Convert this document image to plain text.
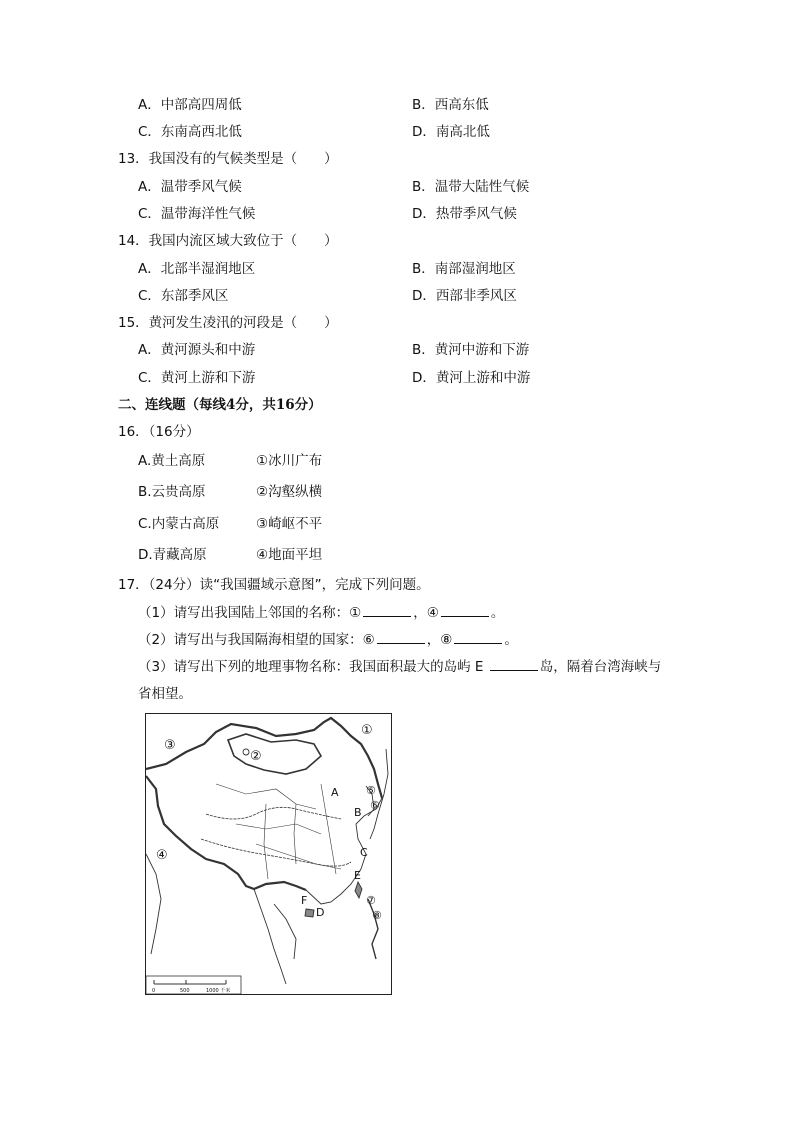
A．中部高四周低	B．西高东低
C．东南高西北低	D．南高北低
13．我国没有的气候类型是（　　）
A．温带季风气候	B．温带大陆性气候
C．温带海洋性气候	D．热带季风气候
14．我国内流区域大致位于（　　）
A．北部半湿润地区	B．南部湿润地区
C．东部季风区	D．西部非季风区
15．黄河发生凌汛的河段是（　　）
A．黄河源头和中游	B．黄河中游和下游
C．黄河上游和下游	D．黄河上游和中游
二、连线题（每线4分，共16分）
16．（16分）
A.黄土高原	①冰川广布
B.云贵高原	②沟壑纵横
C.内蒙古高原	③崎岖不平
D.青藏高原	④地面平坦
17．（24分）读“我国疆域示意图”，完成下列问题。
（1）请写出我国陆上邻国的名称：①	，④	。
（2）请写出与我国隔海相望的国家：⑥	，⑧	。
（3）请写出下列的地理事物名称：我国面积最大的岛屿 E	岛，隔着台湾海峡与
省相望。
①
②
③
④
⑤
⑥
⑦
⑧
A
B
C
D
E
F
0	500	1000 千米
